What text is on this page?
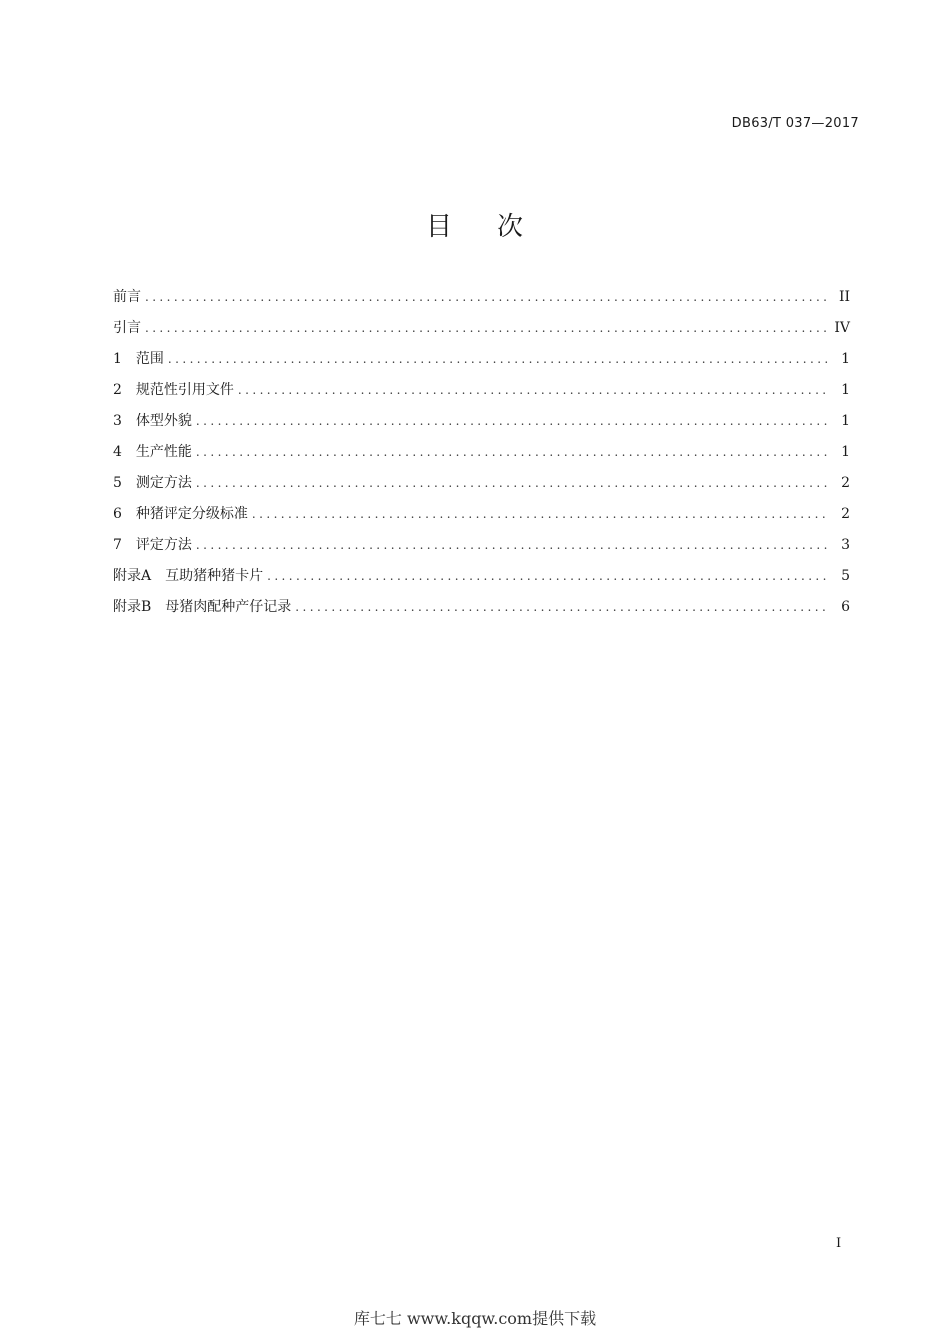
DB63/T 037—2017
目 次
前言 .....	II
引言 .....	IV
1	范围 .....	1
2	规范性引用文件 .....	1
3	体型外貌 .....	1
4	生产性能 .....	1
5	测定方法 .....	2
6	种猪评定分级标准 .....	2
7	评定方法 .....	3
附录A	互助猪种猪卡片 .....	5
附录B	母猪肉配种产仔记录 .....	6
I
库七七 www.kqqw.com提供下载
